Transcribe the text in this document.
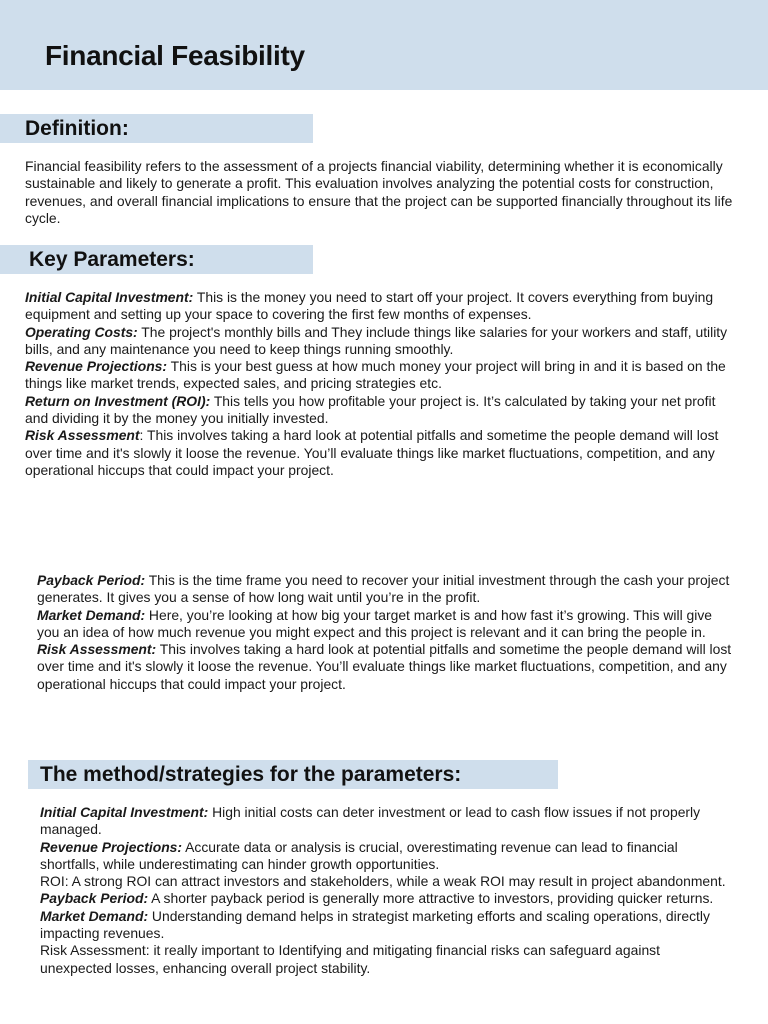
Financial Feasibility
Definition:

Financial feasibility refers to the assessment of a projects financial viability, determining whether it is economically sustainable and likely to generate a profit. This evaluation involves analyzing the potential costs for construction, revenues, and overall financial implications to ensure that the project can be supported financially throughout its life cycle.

Key Parameters:

Initial Capital Investment: This is the money you need to start off your project. It covers everything from buying equipment and setting up your space to covering the first few months of expenses.

Operating Costs: The project's monthly bills and They include things like salaries for your workers and staff, utility bills, and any maintenance you need to keep things running smoothly.

Revenue Projections: This is your best guess at how much money your project will bring in and it is based on the things like market trends, expected sales, and pricing strategies etc.

Return on Investment (ROI): This tells you how profitable your project is. It’s calculated by taking your net profit and dividing it by the money you initially invested.

Risk Assessment: This involves taking a hard look at potential pitfalls and sometime the people demand will lost over time and it's slowly it loose the revenue. You’ll evaluate things like market fluctuations, competition, and any operational hiccups that could impact your project.

Payback Period: This is the time frame you need to recover your initial investment through the cash your project generates. It gives you a sense of how long wait until you’re in the profit.

Market Demand: Here, you’re looking at how big your target market is and how fast it’s growing. This will give you an idea of how much revenue you might expect and this project is relevant and it can bring the people in.

Risk Assessment: This involves taking a hard look at potential pitfalls and sometime the people demand will lost over time and it's slowly it loose the revenue. You’ll evaluate things like market fluctuations, competition, and any operational hiccups that could impact your project.

The method/strategies for the parameters:

Initial Capital Investment: High initial costs can deter investment or lead to cash flow issues if not properly managed.

Revenue Projections: Accurate data or analysis is crucial, overestimating revenue can lead to financial shortfalls, while underestimating can hinder growth opportunities.

ROI: A strong ROI can attract investors and stakeholders, while a weak ROI may result in project abandonment.

Payback Period: A shorter payback period is generally more attractive to investors, providing quicker returns.

Market Demand: Understanding demand helps in strategist marketing efforts and scaling operations, directly impacting revenues.

Risk Assessment: it really important to Identifying and mitigating financial risks can safeguard against unexpected losses, enhancing overall project stability.
